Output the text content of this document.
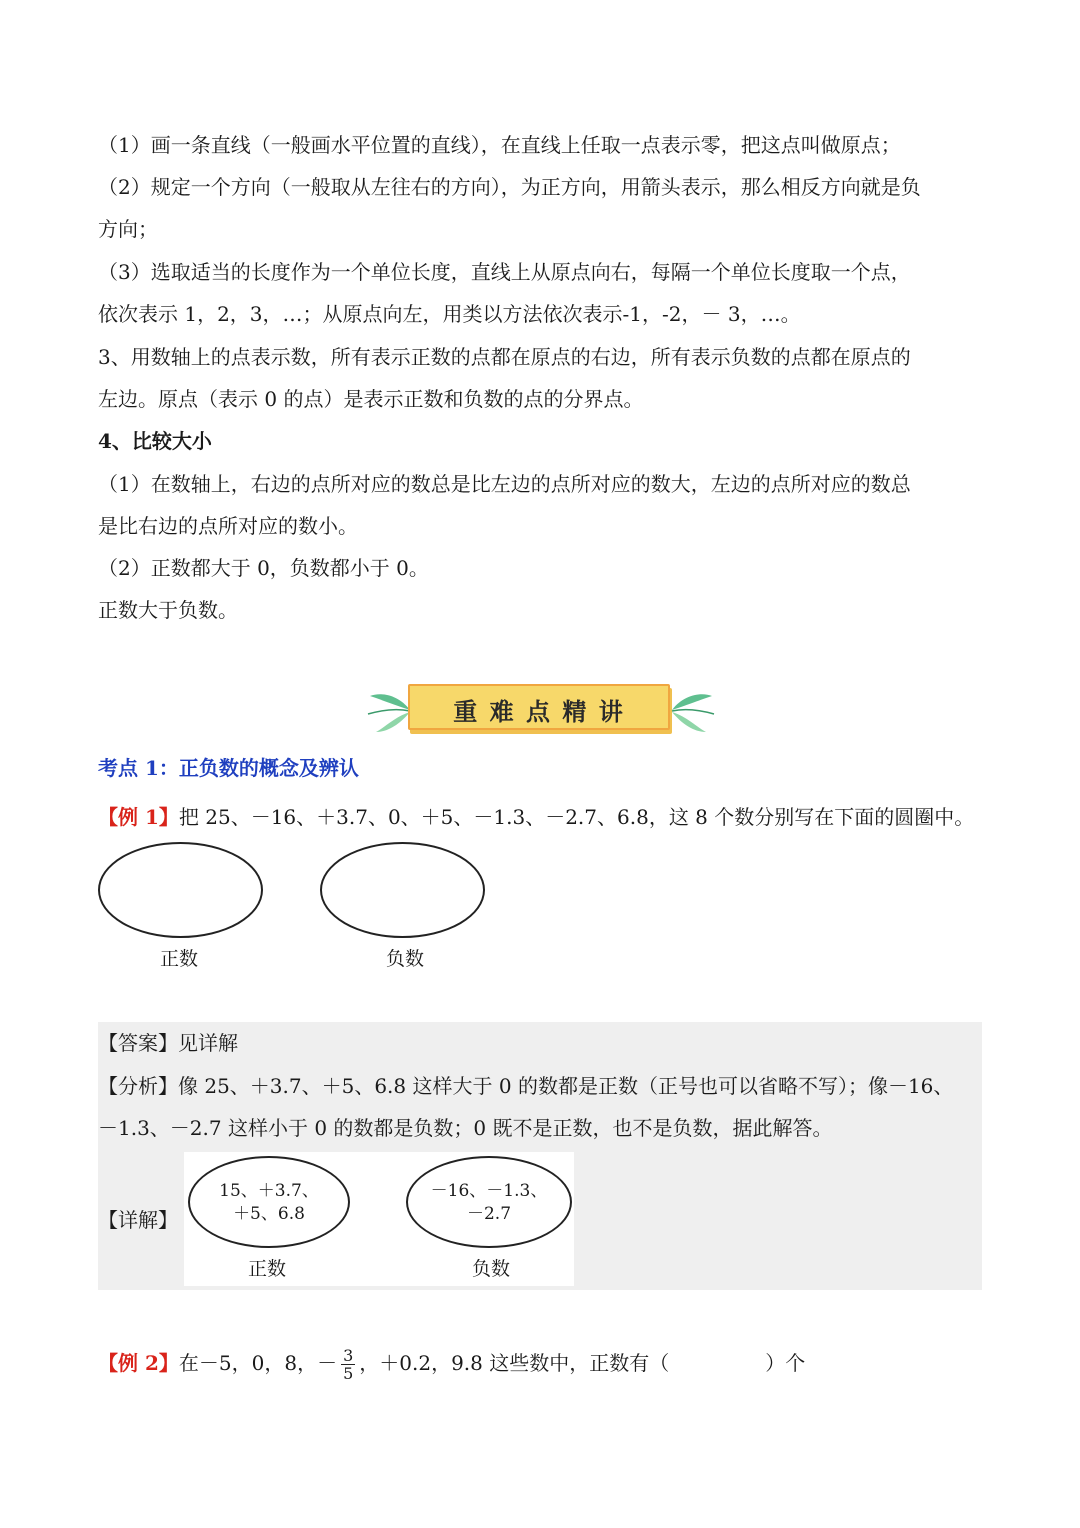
（1）画一条直线（一般画水平位置的直线），在直线上任取一点表示零，把这点叫做原点；
（2）规定一个方向（一般取从左往右的方向），为正方向，用箭头表示，那么相反方向就是负
方向；
（3）选取适当的长度作为一个单位长度，直线上从原点向右，每隔一个单位长度取一个点，
依次表示 1，2，3，…；从原点向左，用类以方法依次表示-1，-2，－ 3，…。
3、用数轴上的点表示数，所有表示正数的点都在原点的右边，所有表示负数的点都在原点的
左边。原点（表示 0 的点）是表示正数和负数的点的分界点。
4、比较大小
（1）在数轴上，右边的点所对应的数总是比左边的点所对应的数大，左边的点所对应的数总
是比右边的点所对应的数小。
（2）正数都大于 0，负数都小于 0。
正数大于负数。
重 难 点 精 讲
考点 1：正负数的概念及辨认
【例 1】把 25、－16、＋3.7、0、＋5、－1.3、－2.7、6.8，这 8 个数分别写在下面的圆圈中。
正数	负数
【答案】见详解
【分析】像 25、＋3.7、＋5、6.8 这样大于 0 的数都是正数（正号也可以省略不写）；像－16、
－1.3、－2.7 这样小于 0 的数都是负数；0 既不是正数，也不是负数，据此解答。
【详解】
15、＋3.7、
＋5、6.8
正数
－16、－1.3、
－2.7
负数
【例 2】在－5，0，8，－ $\frac{3}{5}$ ，＋0.2，9.8 这些数中，正数有（	）个
